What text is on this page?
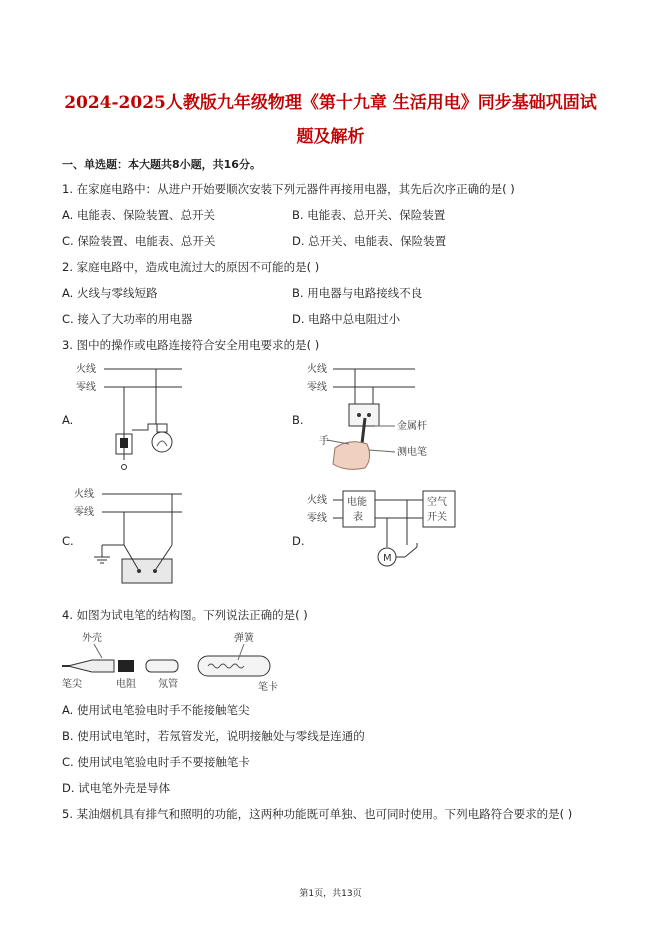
2024-2025人教版九年级物理《第十九章 生活用电》同步基础巩固试
题及解析
一、单选题：本大题共8小题，共16分。
1. 在家庭电路中：从进户开始要顺次安装下列元器件再接用电器，其先后次序正确的是( )
A. 电能表、保险装置、总开关	B. 电能表、总开关、保险装置
C. 保险装置、电能表、总开关	D. 总开关、电能表、保险装置
2. 家庭电路中，造成电流过大的原因不可能的是( )
A. 火线与零线短路	B. 用电器与电路接线不良
C. 接入了大功率的用电器	D. 电路中总电阻过小
3. 图中的操作或电路连接符合安全用电要求的是( )
A.	B.
C.	D.
火线
零线
火线
零线
金属杆
手
测电笔
火线
零线
火线
零线
电能
表
空气
开关
M
4. 如图为试电笔的结构图。下列说法正确的是( )
外壳	弹簧
笔尖	电阻 氖管	笔卡
A. 使用试电笔验电时手不能接触笔尖
B. 使用试电笔时，若氖管发光，说明接触处与零线是连通的
C. 使用试电笔验电时手不要接触笔卡
D. 试电笔外壳是导体
5. 某油烟机具有排气和照明的功能，这两种功能既可单独、也可同时使用。下列电路符合要求的是( )
第1页，共13页
